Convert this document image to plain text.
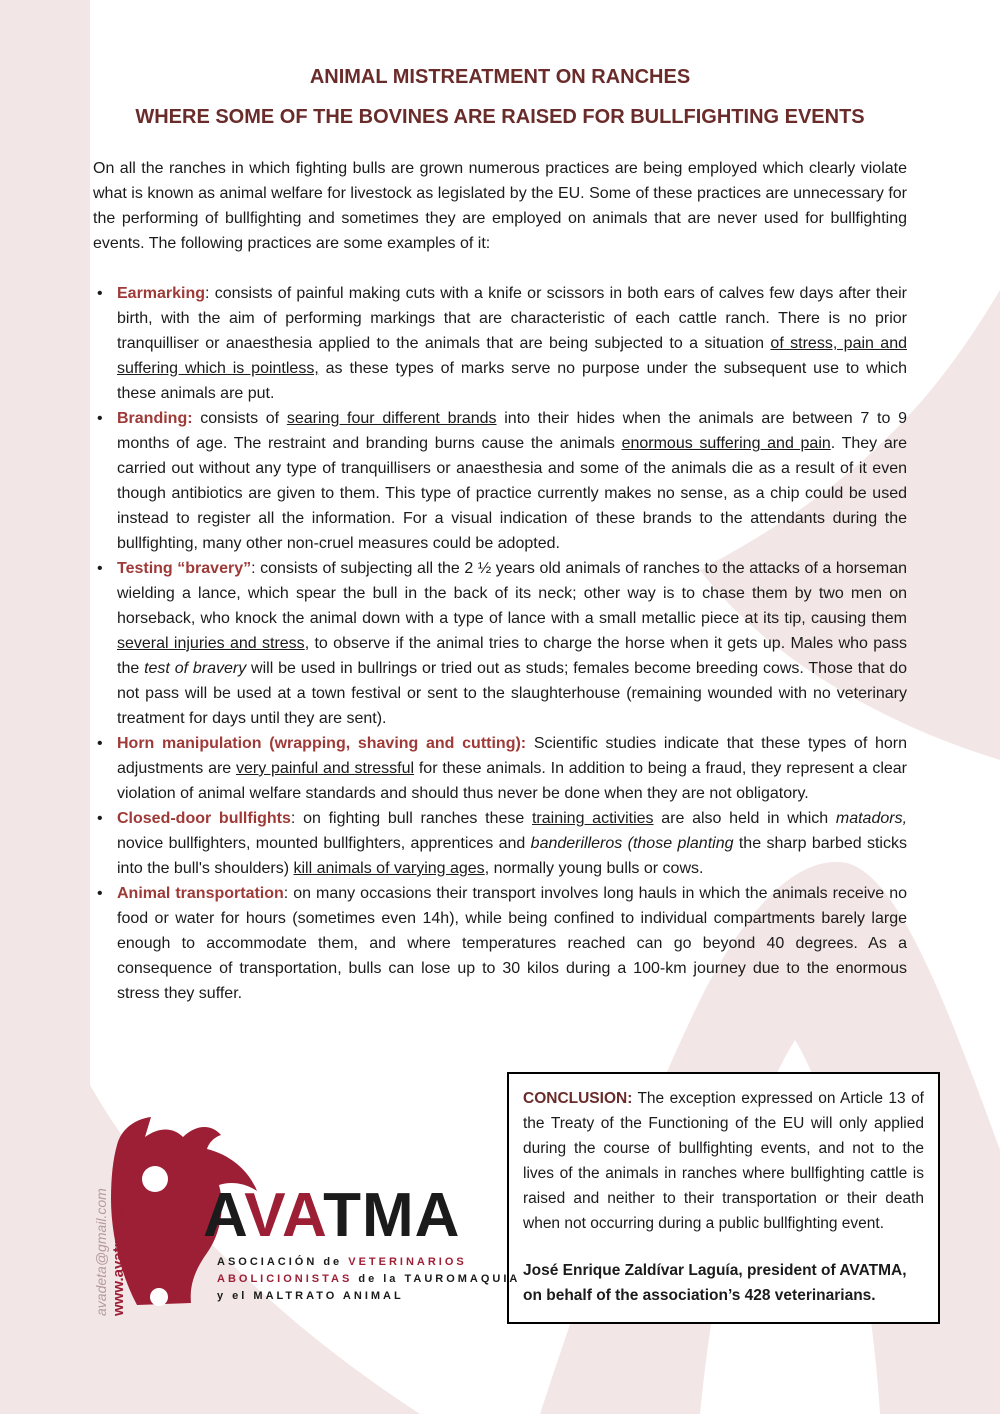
ANIMAL MISTREATMENT ON RANCHES
WHERE SOME OF THE BOVINES ARE RAISED FOR BULLFIGHTING EVENTS

On all the ranches in which fighting bulls are grown numerous practices are being employed which clearly violate what is known as animal welfare for livestock as legislated by the EU. Some of these practices are unnecessary for the performing of bullfighting and sometimes they are employed on animals that are never used for bullfighting events. The following practices are some examples of it:

• Earmarking: consists of painful making cuts with a knife or scissors in both ears of calves few days after their birth, with the aim of performing markings that are characteristic of each cattle ranch. There is no prior tranquilliser or anaesthesia applied to the animals that are being subjected to a situation of stress, pain and suffering which is pointless, as these types of marks serve no purpose under the subsequent use to which these animals are put.
• Branding: consists of searing four different brands into their hides when the animals are between 7 to 9 months of age. The restraint and branding burns cause the animals enormous suffering and pain. They are carried out without any type of tranquillisers or anaesthesia and some of the animals die as a result of it even though antibiotics are given to them. This type of practice currently makes no sense, as a chip could be used instead to register all the information. For a visual indication of these brands to the attendants during the bullfighting, many other non-cruel measures could be adopted.
• Testing “bravery”: consists of subjecting all the 2 ½ years old animals of ranches to the attacks of a horseman wielding a lance, which spear the bull in the back of its neck; other way is to chase them by two men on horseback, who knock the animal down with a type of lance with a small metallic piece at its tip, causing them several injuries and stress, to observe if the animal tries to charge the horse when it gets up. Males who pass the test of bravery will be used in bullrings or tried out as studs; females become breeding cows. Those that do not pass will be used at a town festival or sent to the slaughterhouse (remaining wounded with no veterinary treatment for days until they are sent).
• Horn manipulation (wrapping, shaving and cutting): Scientific studies indicate that these types of horn adjustments are very painful and stressful for these animals. In addition to being a fraud, they represent a clear violation of animal welfare standards and should thus never be done when they are not obligatory.
• Closed-door bullfights: on fighting bull ranches these training activities are also held in which matadors, novice bullfighters, mounted bullfighters, apprentices and banderilleros (those planting the sharp barbed sticks into the bull's shoulders) kill animals of varying ages, normally young bulls or cows.
• Animal transportation: on many occasions their transport involves long hauls in which the animals receive no food or water for hours (sometimes even 14h), while being confined to individual compartments barely large enough to accommodate them, and where temperatures reached can go beyond 40 degrees. As a consequence of transportation, bulls can lose up to 30 kilos during a 100-km journey due to the enormous stress they suffer.

CONCLUSION: The exception expressed on Article 13 of the Treaty of the Functioning of the EU will only applied during the course of bullfighting events, and not to the lives of the animals in ranches where bullfighting cattle is raised and neither to their transportation or their death when not occurring during a public bullfighting event.

José Enrique Zaldívar Laguía, president of AVATMA, on behalf of the association’s 428 veterinarians.

AVATMA
ASOCIACIÓN de VETERINARIOS
ABOLICIONISTAS de la TAUROMAQUIA
y el MALTRATO ANIMAL
avadeta@gmail.com www.avatma.com
